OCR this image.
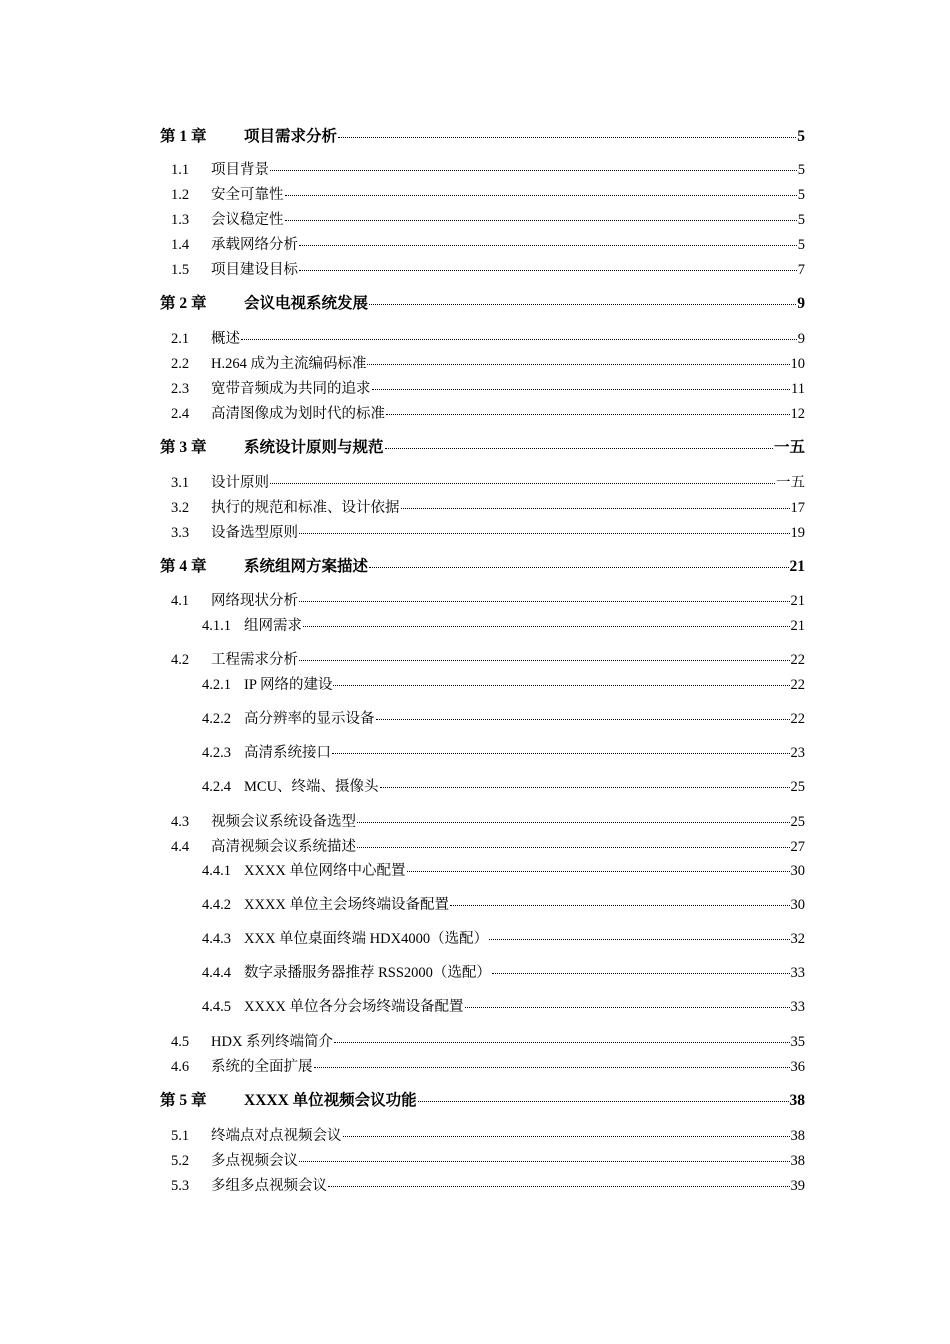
第 1 章	项目需求分析	5
1.1	项目背景	5
1.2	安全可靠性	5
1.3	会议稳定性	5
1.4	承载网络分析	5
1.5	项目建设目标	7
第 2 章	会议电视系统发展	9
2.1	概述	9
2.2	H.264 成为主流编码标准	10
2.3	宽带音频成为共同的追求	11
2.4	高清图像成为划时代的标准	12
第 3 章	系统设计原则与规范	一五
3.1	设计原则	一五
3.2	执行的规范和标准、设计依据	17
3.3	设备选型原则	19
第 4 章	系统组网方案描述	21
4.1	网络现状分析	21
4.1.1 组网需求	21
4.2	工程需求分析	22
4.2.1 IP 网络的建设	22
4.2.2 高分辨率的显示设备	22
4.2.3 高清系统接口	23
4.2.4 MCU、终端、摄像头	25
4.3	视频会议系统设备选型	25
4.4	高清视频会议系统描述	27
4.4.1 XXXX 单位网络中心配置	30
4.4.2 XXXX 单位主会场终端设备配置	30
4.4.3 XXX 单位桌面终端 HDX4000（选配）	32
4.4.4 数字录播服务器推荐 RSS2000（选配）	33
4.4.5 XXXX 单位各分会场终端设备配置	33
4.5	HDX 系列终端简介	35
4.6	系统的全面扩展	36
第 5 章	XXXX 单位视频会议功能	38
5.1	终端点对点视频会议	38
5.2	多点视频会议	38
5.3	多组多点视频会议	39
